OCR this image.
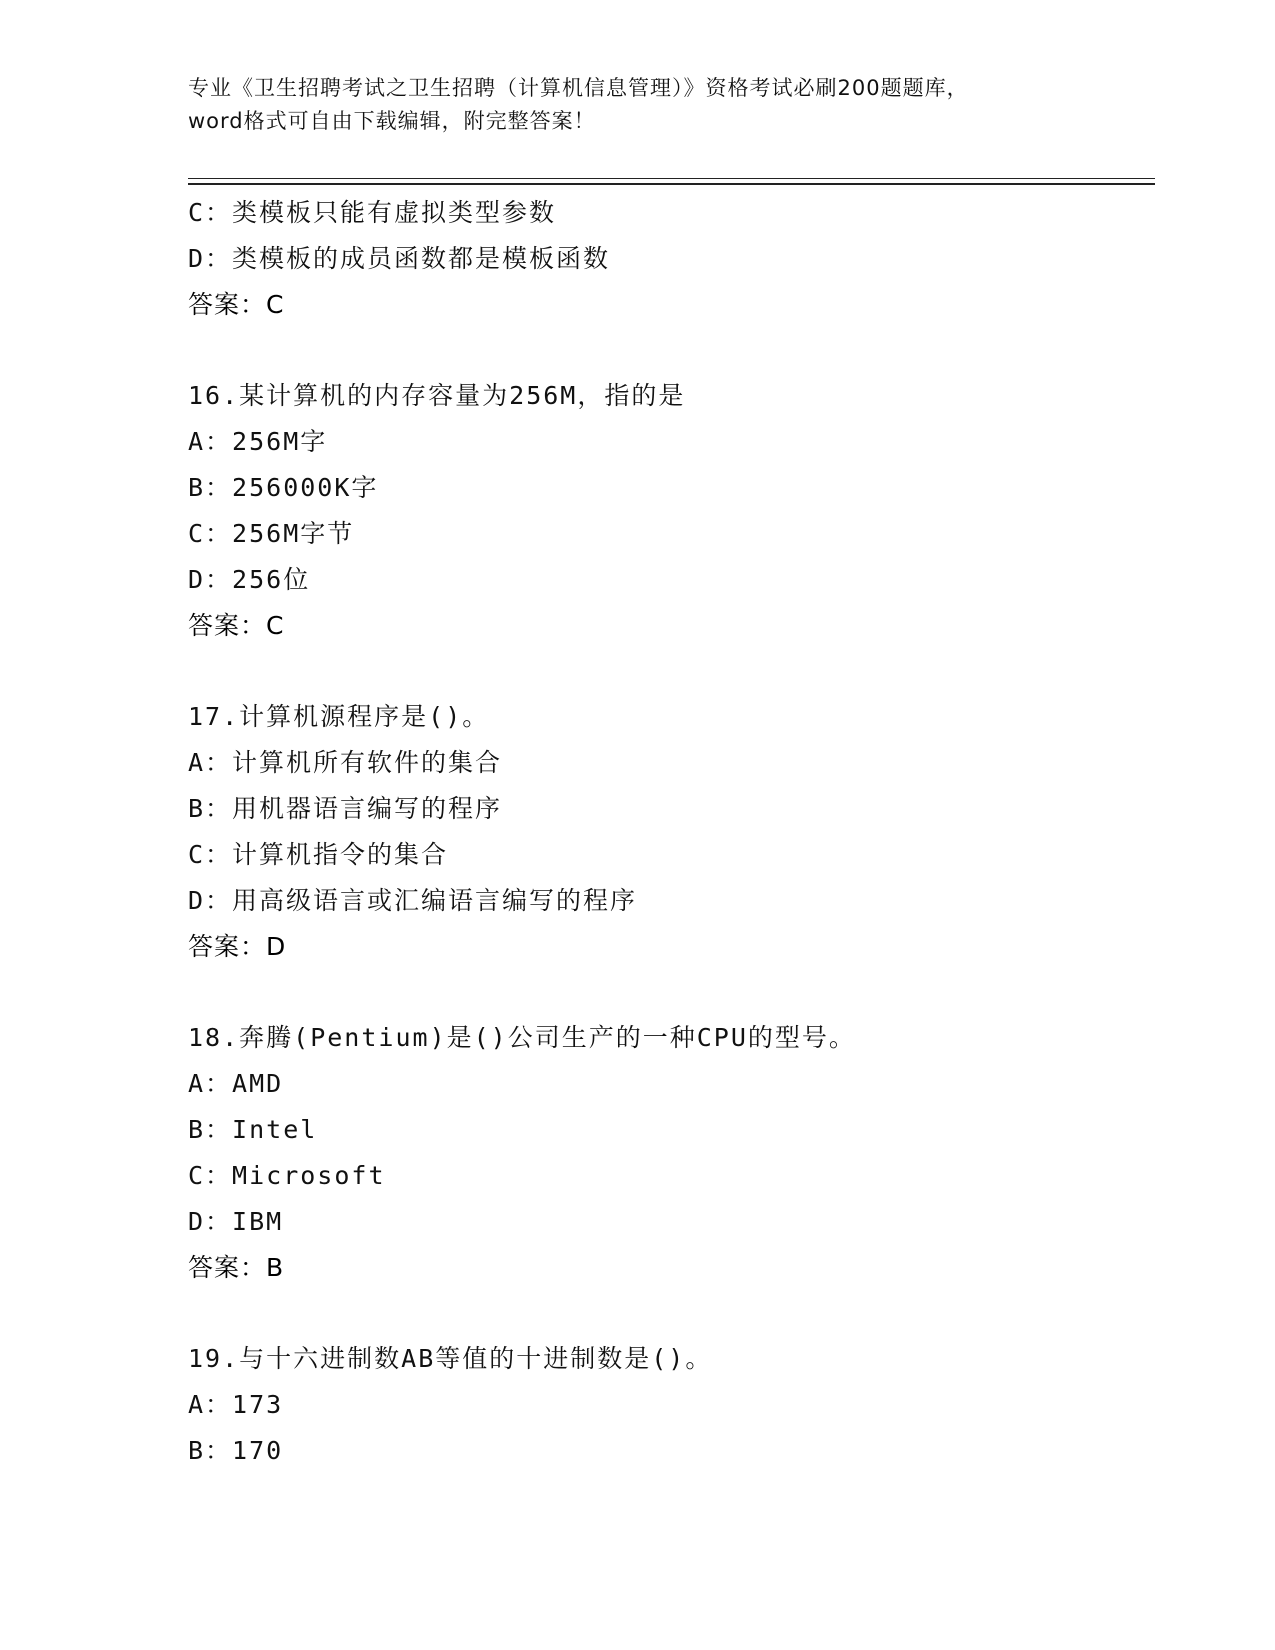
专业《卫生招聘考试之卫生招聘（计算机信息管理）》资格考试必刷200题题库，
word格式可自由下载编辑，附完整答案！
C：类模板只能有虚拟类型参数
D：类模板的成员函数都是模板函数
答案：C
16.某计算机的内存容量为256M，指的是
A：256M字
B：256000K字
C：256M字节
D：256位
答案：C
17.计算机源程序是()。
A：计算机所有软件的集合
B：用机器语言编写的程序
C：计算机指令的集合
D：用高级语言或汇编语言编写的程序
答案：D
18.奔腾(Pentium)是()公司生产的一种CPU的型号。
A：AMD
B：Intel
C：Microsoft
D：IBM
答案：B
19.与十六进制数AB等值的十进制数是()。
A：173
B：170
